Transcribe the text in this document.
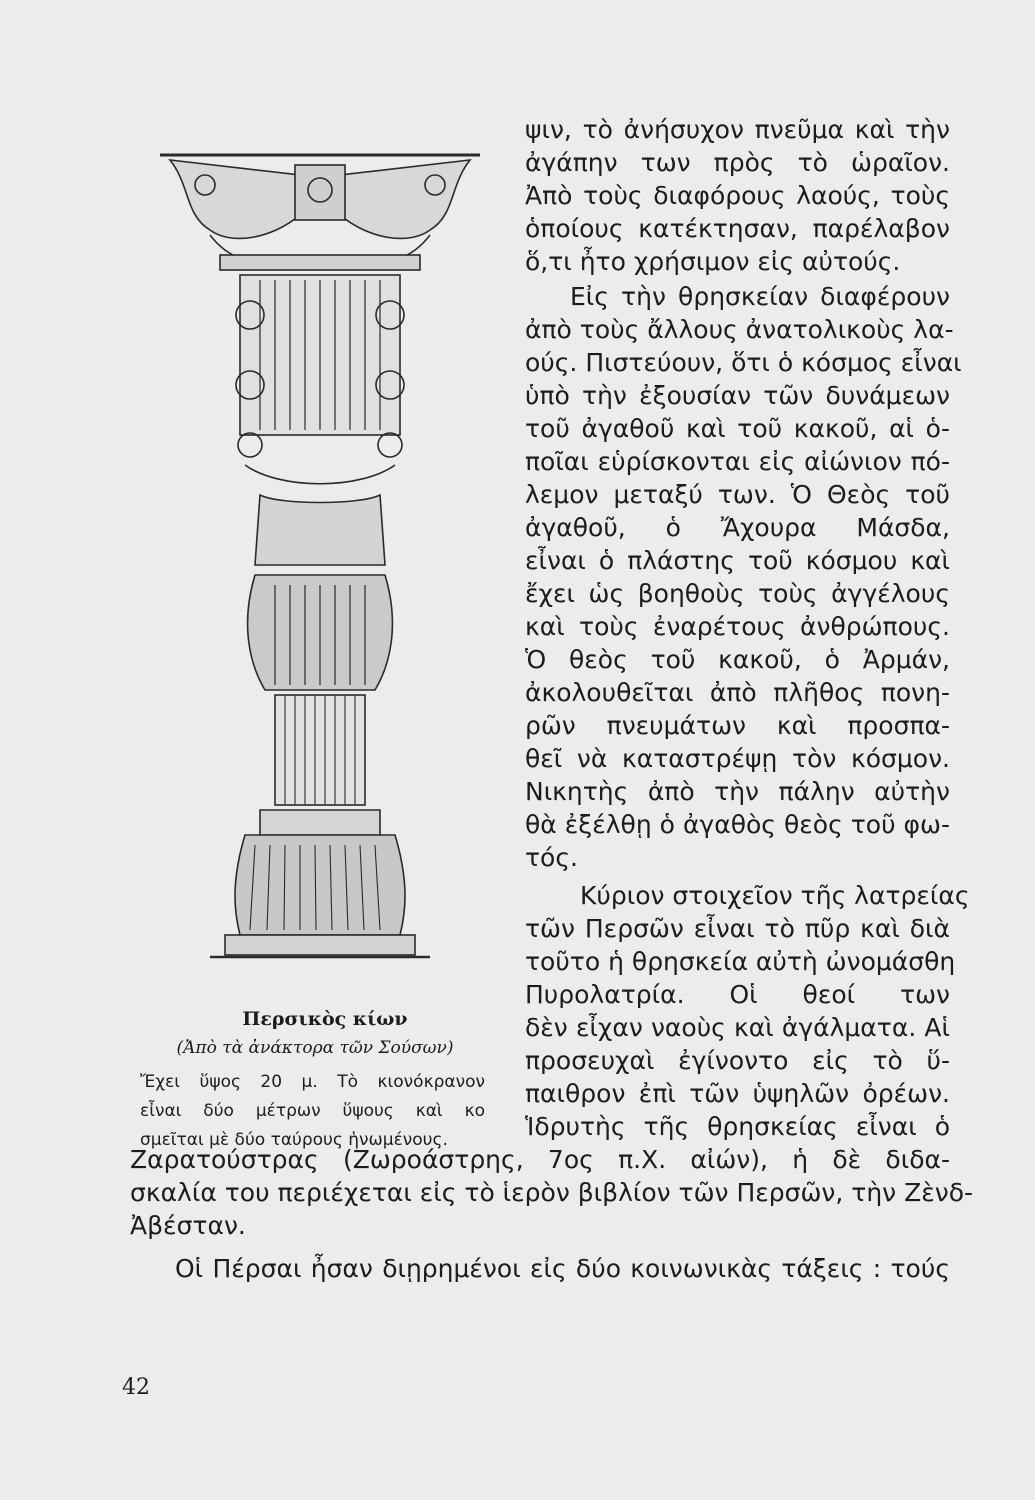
Περσικὸς κίων
(Ἀπὸ τὰ ἀνάκτορα τῶν Σούσων)
Ἔχει ὕψος 20 μ. Τὸ κιονόκρανον
εἶναι δύο μέτρων ὕψους καὶ κο
σμεῖται μὲ δύο ταύρους ἡνωμένους.
ψιν, τὸ ἀνήσυχον πνεῦμα καὶ τὴν
ἀγάπην των πρὸς τὸ ὡραῖον.
Ἀπὸ τοὺς διαφόρους λαούς, τοὺς
ὁποίους κατέκτησαν, παρέλαβον
ὅ,τι ἦτο χρήσιμον εἰς αὐτούς.
Εἰς τὴν θρησκείαν διαφέρουν
ἀπὸ τοὺς ἄλλους ἀνατολικοὺς λα-
ούς. Πιστεύουν, ὅτι ὁ κόσμος εἶναι
ὑπὸ τὴν ἐξουσίαν τῶν δυνάμεων
τοῦ ἀγαθοῦ καὶ τοῦ κακοῦ, αἱ ὁ-
ποῖαι εὑρίσκονται εἰς αἰώνιον πό-
λεμον μεταξύ των. Ὁ Θεὸς τοῦ
ἀγαθοῦ, ὁ Ἄχουρα Μάσδα,
εἶναι ὁ πλάστης τοῦ κόσμου καὶ
ἔχει ὡς βοηθοὺς τοὺς ἀγγέλους
καὶ τοὺς ἐναρέτους ἀνθρώπους.
Ὁ θεὸς τοῦ κακοῦ, ὁ Ἀρμάν,
ἀκολουθεῖται ἀπὸ πλῆθος πονη-
ρῶν πνευμάτων καὶ προσπα-
θεῖ νὰ καταστρέψῃ τὸν κόσμον.
Νικητὴς ἀπὸ τὴν πάλην αὐτὴν
θὰ ἐξέλθῃ ὁ ἀγαθὸς θεὸς τοῦ φω-
τός.
Κύριον στοιχεῖον τῆς λατρείας
τῶν Περσῶν εἶναι τὸ πῦρ καὶ διὰ
τοῦτο ἡ θρησκεία αὐτὴ ὠνομάσθη
Πυρολατρία. Οἱ θεοί των
δὲν εἶχαν ναοὺς καὶ ἀγάλματα. Αἱ
προσευχαὶ ἐγίνοντο εἰς τὸ ὕ-
παιθρον ἐπὶ τῶν ὑψηλῶν ὀρέων.
Ἱδρυτὴς τῆς θρησκείας εἶναι ὁ
Ζαρατούστρας (Ζωροάστρης, 7ος π.Χ. αἰών), ἡ δὲ διδα-
σκαλία του περιέχεται εἰς τὸ ἱερὸν βιβλίον τῶν Περσῶν, τὴν Ζὲνδ-
Ἀβέσταν.
Οἱ Πέρσαι ἦσαν διῃρημένοι εἰς δύο κοινωνικὰς τάξεις : τούς
42
